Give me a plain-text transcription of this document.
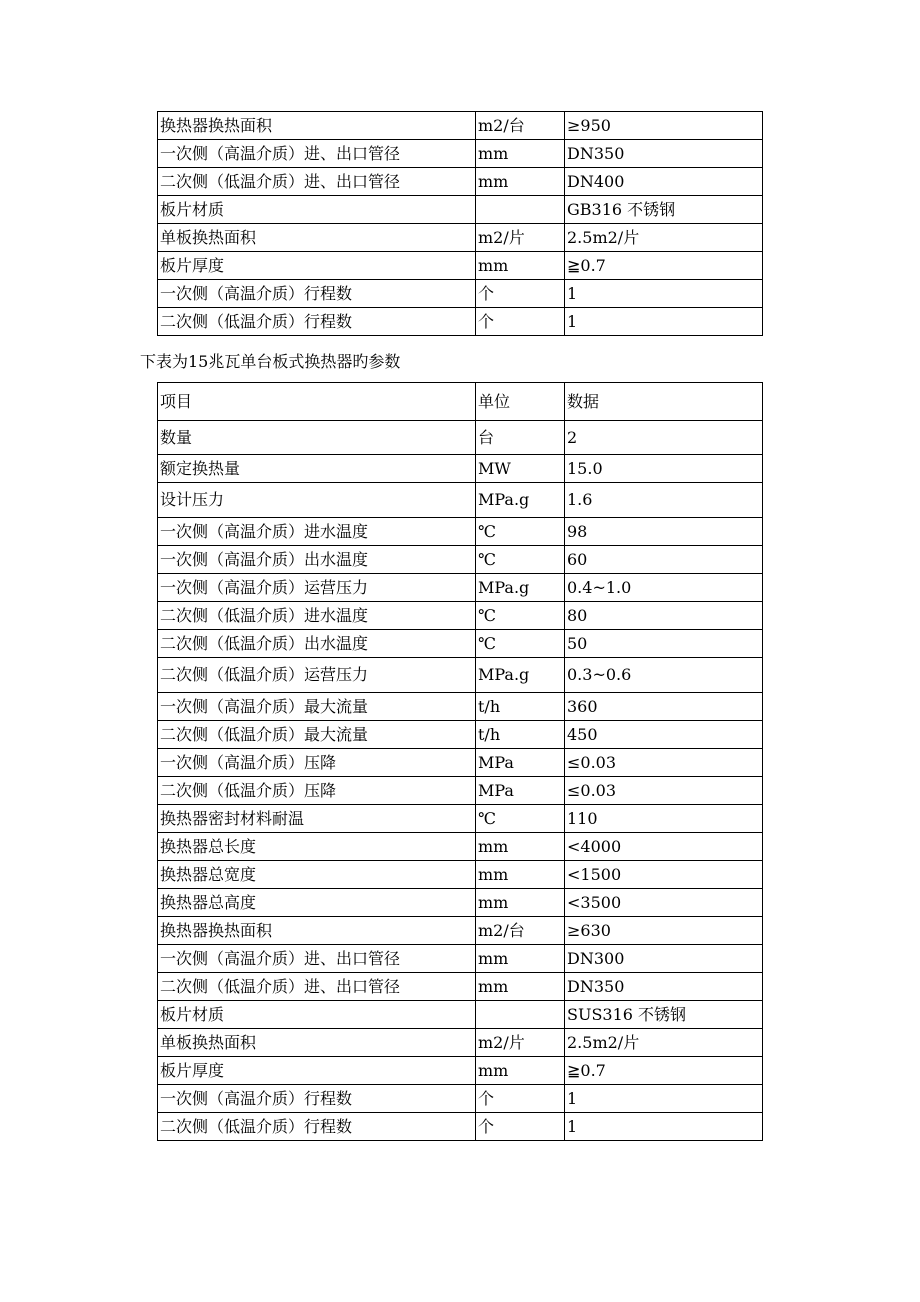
换热器换热面积	m2/台	≥950
一次侧（高温介质）进、出口管径	mm	DN350
二次侧（低温介质）进、出口管径	mm	DN400
板片材质		GB316 不锈钢
单板换热面积	m2/片	2.5m2/片
板片厚度	mm	≧0.7
一次侧（高温介质）行程数	个	1
二次侧（低温介质）行程数	个	1

下表为15兆瓦单台板式换热器旳参数

项目	单位	数据
数量	台	2
额定换热量	MW	15.0
设计压力	MPa.g	1.6
一次侧（高温介质）进水温度	℃	98
一次侧（高温介质）出水温度	℃	60
一次侧（高温介质）运营压力	MPa.g	0.4~1.0
二次侧（低温介质）进水温度	℃	80
二次侧（低温介质）出水温度	℃	50
二次侧（低温介质）运营压力	MPa.g	0.3~0.6
一次侧（高温介质）最大流量	t/h	360
二次侧（低温介质）最大流量	t/h	450
一次侧（高温介质）压降	MPa	≤0.03
二次侧（低温介质）压降	MPa	≤0.03
换热器密封材料耐温	℃	110
换热器总长度	mm	<4000
换热器总宽度	mm	<1500
换热器总高度	mm	<3500
换热器换热面积	m2/台	≥630
一次侧（高温介质）进、出口管径	mm	DN300
二次侧（低温介质）进、出口管径	mm	DN350
板片材质		SUS316 不锈钢
单板换热面积	m2/片	2.5m2/片
板片厚度	mm	≧0.7
一次侧（高温介质）行程数	个	1
二次侧（低温介质）行程数	个	1
